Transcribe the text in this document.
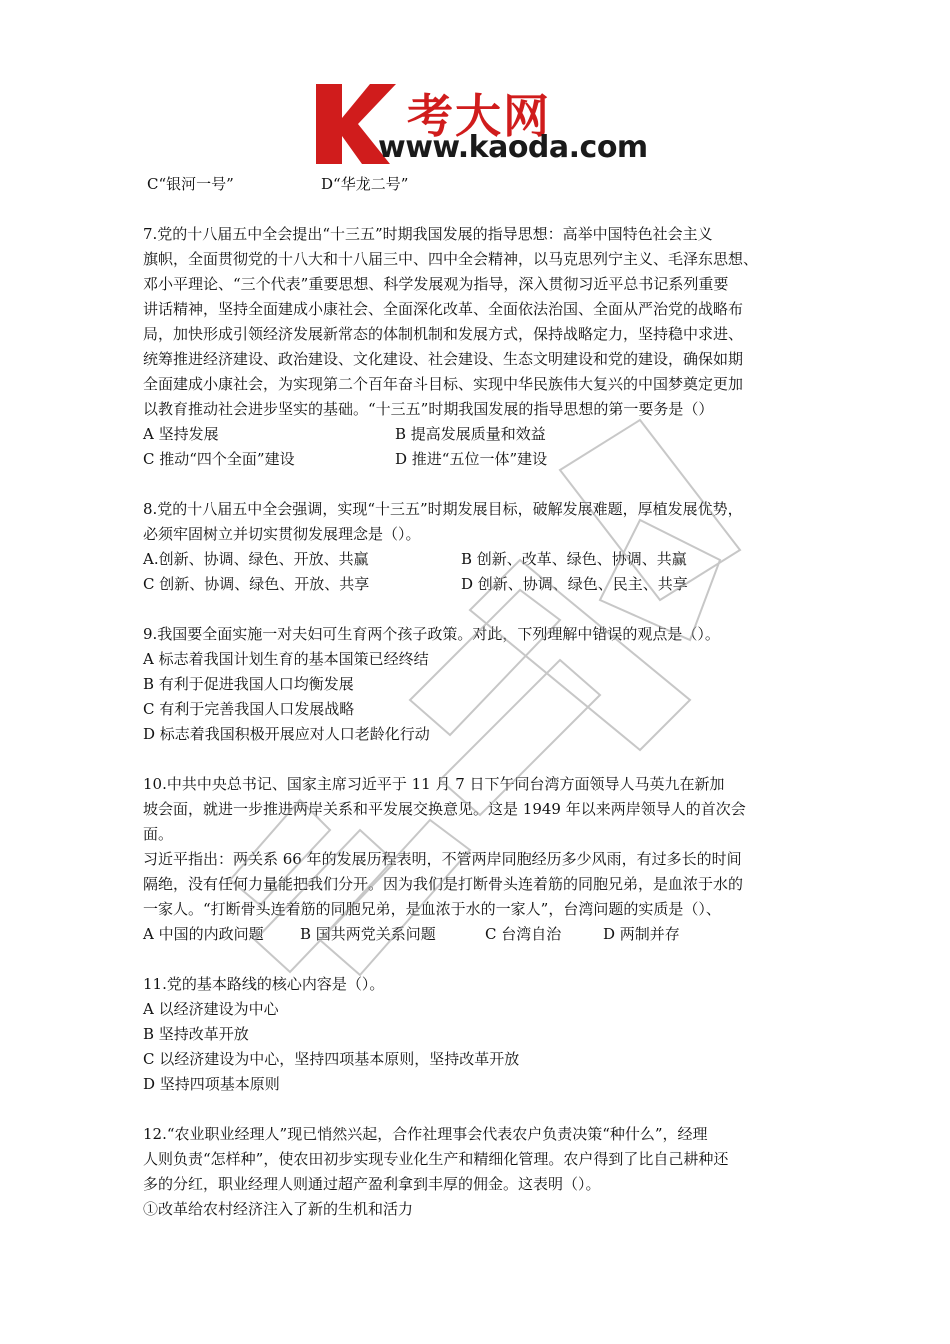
考大网
www.kaoda.com
C“银河一号”	D“华龙二号”
7.党的十八届五中全会提出“十三五”时期我国发展的指导思想：高举中国特色社会主义
旗帜，全面贯彻党的十八大和十八届三中、四中全会精神，以马克思列宁主义、毛泽东思想、
邓小平理论、“三个代表”重要思想、科学发展观为指导，深入贯彻习近平总书记系列重要
讲话精神，坚持全面建成小康社会、全面深化改革、全面依法治国、全面从严治党的战略布
局，加快形成引领经济发展新常态的体制机制和发展方式，保持战略定力，坚持稳中求进、
统筹推进经济建设、政治建设、文化建设、社会建设、生态文明建设和党的建设，确保如期
全面建成小康社会，为实现第二个百年奋斗目标、实现中华民族伟大复兴的中国梦奠定更加
以教育推动社会进步坚实的基础。“十三五”时期我国发展的指导思想的第一要务是（）
A 坚持发展	B 提高发展质量和效益
C 推动“四个全面”建设	D 推进“五位一体”建设
8.党的十八届五中全会强调，实现“十三五”时期发展目标，破解发展难题，厚植发展优势，
必须牢固树立并切实贯彻发展理念是（）。
A.创新、协调、绿色、开放、共赢	B 创新、改革、绿色、协调、共赢
C 创新、协调、绿色、开放、共享	D 创新、协调、绿色、民主、共享
9.我国要全面实施一对夫妇可生育两个孩子政策。对此，下列理解中错误的观点是（）。
A 标志着我国计划生育的基本国策已经终结
B 有利于促进我国人口均衡发展
C 有利于完善我国人口发展战略
D 标志着我国积极开展应对人口老龄化行动
10.中共中央总书记、国家主席习近平于 11 月 7 日下午同台湾方面领导人马英九在新加
坡会面，就进一步推进两岸关系和平发展交换意见。这是 1949 年以来两岸领导人的首次会
面。
习近平指出：两关系 66 年的发展历程表明，不管两岸同胞经历多少风雨，有过多长的时间
隔绝，没有任何力量能把我们分开。因为我们是打断骨头连着筋的同胞兄弟，是血浓于水的
一家人。“打断骨头连着筋的同胞兄弟，是血浓于水的一家人”，台湾问题的实质是（）、
A 中国的内政问题 B 国共两党关系问题	C 台湾自治	D 两制并存
11.党的基本路线的核心内容是（）。
A 以经济建设为中心
B 坚持改革开放
C 以经济建设为中心，坚持四项基本原则，坚持改革开放
D 坚持四项基本原则
12.“农业职业经理人”现已悄然兴起，合作社理事会代表农户负责决策“种什么”，经理
人则负责“怎样种”，使农田初步实现专业化生产和精细化管理。农户得到了比自己耕种还
多的分红，职业经理人则通过超产盈利拿到丰厚的佣金。这表明（）。
①改革给农村经济注入了新的生机和活力
